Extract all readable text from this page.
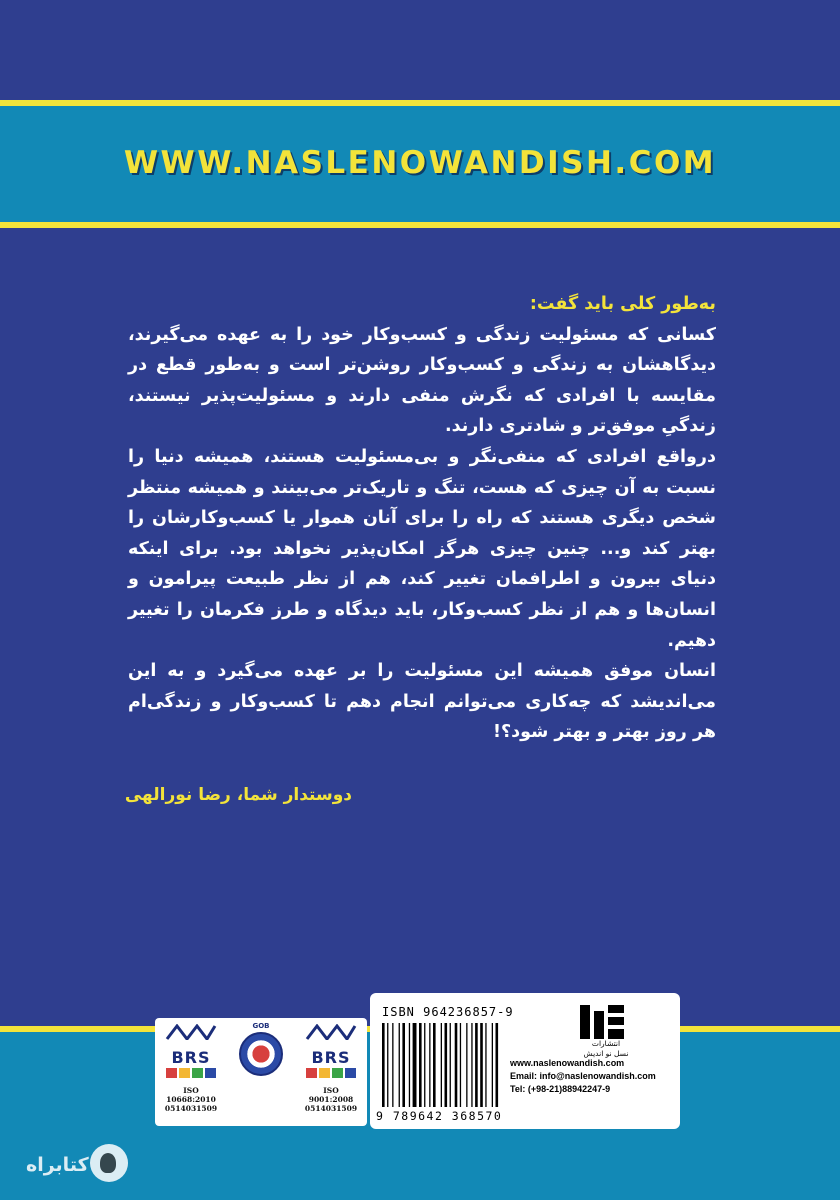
WWW.NASLENOWANDISH.COM

به‌طور کلی باید گفت:

کسانی که مسئولیت زندگی و کسب‌وکار خود را به عهده می‌گیرند، دیدگاهشان به زندگی و کسب‌وکار روشن‌تر است و به‌طور قطع در مقایسه با افرادی که نگرش منفی دارند و مسئولیت‌پذیر نیستند، زندگیِ موفق‌تر و شادتری دارند.

درواقع افرادی که منفی‌نگر و بی‌مسئولیت هستند، همیشه دنیا را نسبت به آن چیزی که هست، تنگ و تاریک‌تر می‌بینند و همیشه منتظر شخص دیگری هستند که راه را برای آنان هموار یا کسب‌وکارشان را بهتر کند و... چنین چیزی هرگز امکان‌پذیر نخواهد بود. برای اینکه دنیای بیرون و اطرافمان تغییر کند، هم از نظر طبیعت پیرامون و انسان‌ها و هم از نظر کسب‌وکار، باید دیدگاه و طرز فکرمان را تغییر دهیم.

انسان موفق همیشه این مسئولیت را بر عهده می‌گیرد و به این می‌اندیشد که چه‌کاری می‌توانم انجام دهم تا کسب‌وکار و زندگی‌ام هر روز بهتر و بهتر شود؟!

دوستدار شما، رضا نورالهی
BRS
ISO 10668:2010
0514031509
GOB
BRS
ISO 9001:2008
0514031509
ISBN 964236857-9
9 789642 368570
انتشارات
نسل نو اندیش
www.naslenowandish.com
Email: info@naslenowandish.com
Tel: (+98-21)88942247-9
کتابراه
